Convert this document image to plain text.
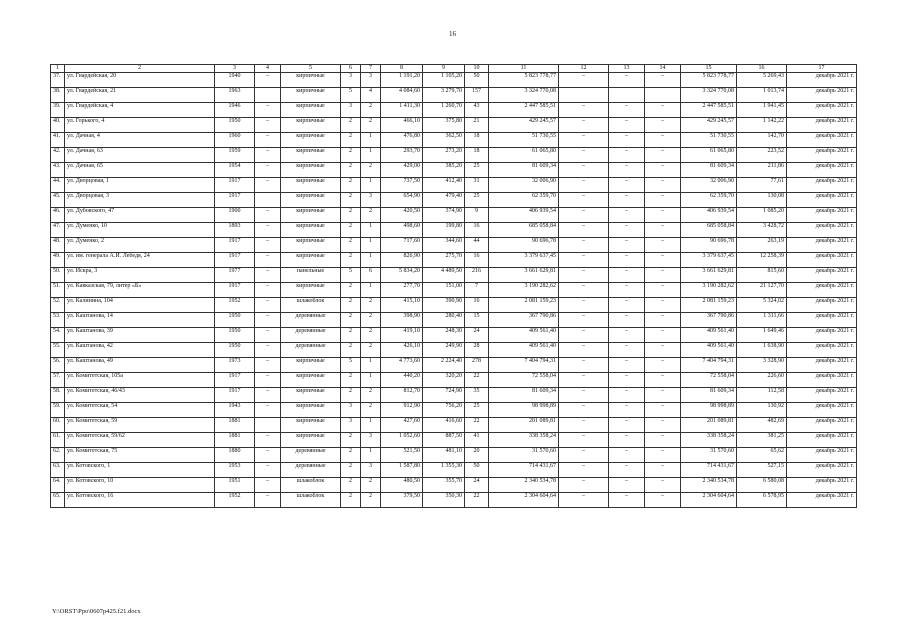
16
1	2	3	4	5	6	7	8	9	10	11	12	13	14	15	16	17
37.	ул. Гвардейская, 20	1940	–	кирпичные	3	3	1 191,20	1 105,20	50	5 823 778,77	–	–	–	5 823 778,77	5 269,43	декабрь 2021 г.
38.	ул. Гвардейская, 21	1963		кирпичные	5	4	4 084,60	3 279,70	157	3 324 770,08				3 324 770,08	1 013,74	декабрь 2021 г.
39.	ул. Гвардейская, 4	1946	–	кирпичные	3	2	1 411,30	1 260,70	43	2 447 585,51	–	–	–	2 447 585,51	1 941,45	декабрь 2021 г.
40.	ул. Горького, 4	1950	–	кирпичные	2	2	466,10	375,80	21	429 245,57	–	–	–	429 245,57	1 142,22	декабрь 2021 г.
41.	ул. Дачная, 4	1960	–	кирпичные	2	1	476,80	362,50	18	51 730,55	–	–	–	51 730,55	142,70	декабрь 2021 г.
42.	ул. Дачная, 63	1959	–	кирпичные	2	1	293,70	273,20	18	61 065,80	–	–	–	61 065,80	223,52	декабрь 2021 г.
43.	ул. Дачная, 65	1954	–	кирпичные	2	2	429,00	385,20	25	81 609,34	–	–	–	81 609,34	211,86	декабрь 2021 г.
44.	ул. Дворцовая, 1	1917	–	кирпичные	2	1	737,50	412,40	31	32 006,90	–	–	–	32 006,90	77,61	декабрь 2021 г.
45.	ул. Дворцовая, 3	1917		кирпичные	2	3	654,90	479,40	25	62 359,70	–	–	–	62 359,70	130,08	декабрь 2021 г.
46.	ул. Дубовского, 47	1900	–	кирпичные	2	2	420,50	374,90	9	406 939,54	–	–	–	406 939,54	1 085,20	декабрь 2021 г.
47.	ул. Думенко, 10	1893	–	кирпичные	2	1	498,60	199,80	16	685 058,84	–	–	–	685 058,84	3 428,72	декабрь 2021 г.
48.	ул. Думенко, 2	1917	–	кирпичные	2	1	717,60	344,60	44	90 696,78	–	–	–	90 696,78	263,19	декабрь 2021 г.
49.	ул. им. генерала А.И. Лебедя, 24	1917	–	кирпичные	2	1	826,90	275,70	16	3 379 637,45	–	–	–	3 379 637,45	12 258,39	декабрь 2021 г.
50.	ул. Искра, 3	1977	–	панельные	5	6	5 834,20	4 489,50	216	3 661 629,81	–	–	–	3 661 629,81	815,60	декабрь 2021 г.
51.	ул. Кавказская, 79, литер «Б»	1917	–	кирпичные	2	1	277,70	151,00	7	3 190 282,62	–	–	–	3 190 282,62	21 127,70	декабрь 2021 г.
52.	ул. Калинина, 104	1952	–	шлакоблок	2	2	415,10	390,90	16	2 081 159,23	–	–	–	2 081 159,23	5 324,02	декабрь 2021 г.
53.	ул. Каштанова, 14	1950	–	деревянные	2	2	398,90	280,40	15	367 790,86	–	–	–	367 790,86	1 311,66	декабрь 2021 г.
54.	ул. Каштанова, 39	1950	–	деревянные	2	2	419,10	248,30	24	409 561,40	–	–	–	409 561,40	1 649,46	декабрь 2021 г.
55.	ул. Каштанова, 42	1950	–	деревянные	2	2	426,10	249,90	28	409 561,40	–	–	–	409 561,40	1 638,90	декабрь 2021 г.
56.	ул. Каштанова, 49	1973	–	кирпичные	5	1	4 773,60	2 224,40	278	7 404 794,31	–	–	–	7 404 794,31	3 328,90	декабрь 2021 г.
57.	ул. Комитетская, 105а	1917	–	кирпичные	2	1	440,20	320,20	22	72 558,04	–	–	–	72 558,04	226,60	декабрь 2021 г.
58.	ул. Комитетская, 46/43	1917	–	кирпичные	2	2	812,70	724,90	35	81 609,34	–	–	–	81 609,34	112,58	декабрь 2021 г.
59.	ул. Комитетская, 54	1943	–	кирпичные	3	2	912,90	756,20	25	98 998,89	–	–	–	98 998,89	130,92	декабрь 2021 г.
60.	ул. Комитетская, 59	1881		кирпичные	3	1	427,60	416,60	22	201 089,81	–	–	–	201 089,81	482,69	декабрь 2021 г.
61.	ул. Комитетская, 59/62	1881	–	кирпичные	2	3	1 052,60	887,50	41	338 358,24	–	–	–	338 358,24	381,25	декабрь 2021 г.
62.	ул. Комитетская, 75	1880	–	деревянные	2	1	521,50	481,10	20	31 570,60	–	–	–	31 570,60	65,62	декабрь 2021 г.
63.	ул. Котовского, 1	1953	–	деревянные	2	3	1 587,80	1 355,30	50	714 431,67	–	–	–	714 431,67	527,15	декабрь 2021 г.
64.	ул. Котовского, 10	1951	–	шлакоблок	2	2	480,50	355,70	24	2 340 534,78	–	–	–	2 340 534,78	6 580,08	декабрь 2021 г.
65.	ул. Котовского, 16	1952	–	шлакоблок	2	2	379,50	350,30	22	2 304 604,64	–	–	–	2 304 604,64	6 578,95	декабрь 2021 г.
Y:\ORST\Ppo\0607p425.f21.docx
